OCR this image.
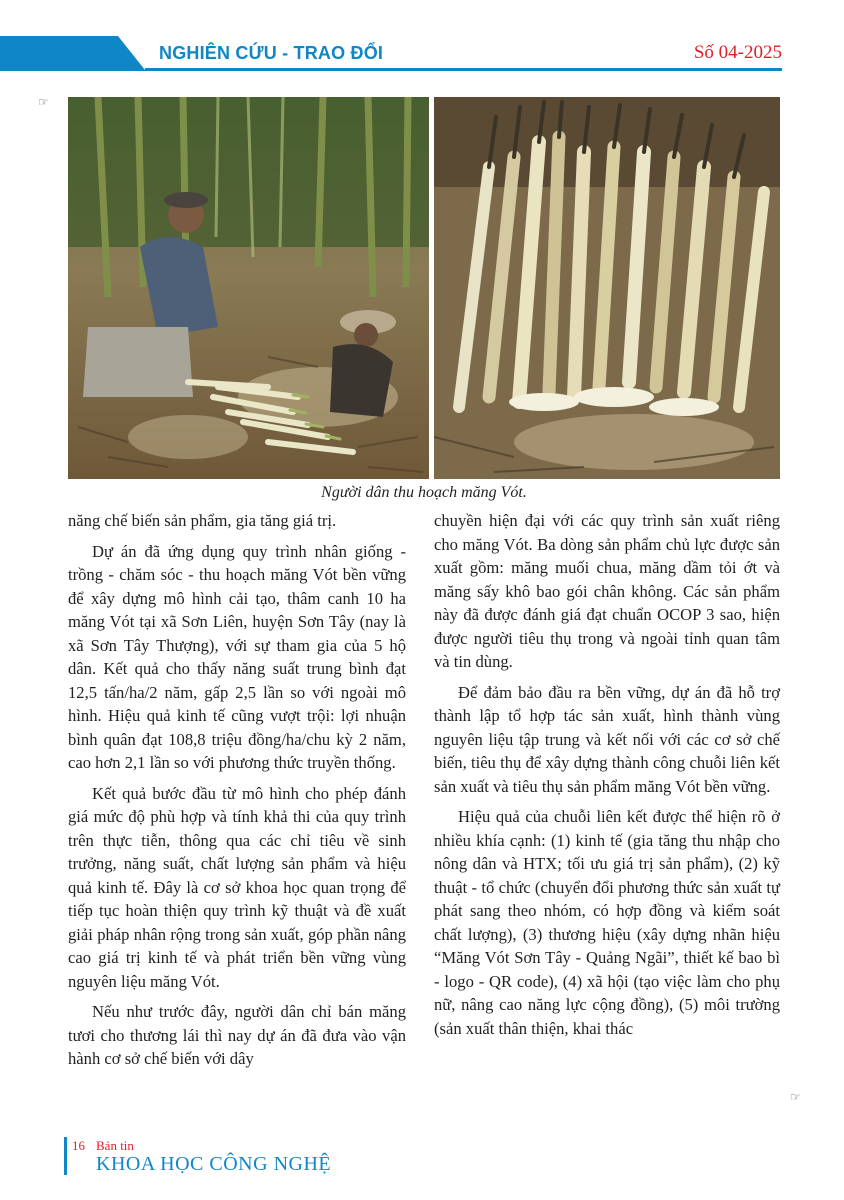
NGHIÊN CỨU - TRAO ĐỔI	Số 04-2025
☞
Người dân thu hoạch măng Vót.

năng chế biến sản phẩm, gia tăng giá trị.

Dự án đã ứng dụng quy trình nhân giống - trồng - chăm sóc - thu hoạch măng Vót bền vững để xây dựng mô hình cải tạo, thâm canh 10 ha măng Vót tại xã Sơn Liên, huyện Sơn Tây (nay là xã Sơn Tây Thượng), với sự tham gia của 5 hộ dân. Kết quả cho thấy năng suất trung bình đạt 12,5 tấn/ha/2 năm, gấp 2,5 lần so với ngoài mô hình. Hiệu quả kinh tế cũng vượt trội: lợi nhuận bình quân đạt 108,8 triệu đồng/ha/chu kỳ 2 năm, cao hơn 2,1 lần so với phương thức truyền thống.

Kết quả bước đầu từ mô hình cho phép đánh giá mức độ phù hợp và tính khả thi của quy trình trên thực tiễn, thông qua các chỉ tiêu về sinh trưởng, năng suất, chất lượng sản phẩm và hiệu quả kinh tế. Đây là cơ sở khoa học quan trọng để tiếp tục hoàn thiện quy trình kỹ thuật và đề xuất giải pháp nhân rộng trong sản xuất, góp phần nâng cao giá trị kinh tế và phát triển bền vững vùng nguyên liệu măng Vót.

Nếu như trước đây, người dân chỉ bán măng tươi cho thương lái thì nay dự án đã đưa vào vận hành cơ sở chế biến với dây

chuyền hiện đại với các quy trình sản xuất riêng cho măng Vót. Ba dòng sản phẩm chủ lực được sản xuất gồm: măng muối chua, măng dầm tỏi ớt và măng sấy khô bao gói chân không. Các sản phẩm này đã được đánh giá đạt chuẩn OCOP 3 sao, hiện được người tiêu thụ trong và ngoài tỉnh quan tâm và tin dùng.

Để đảm bảo đầu ra bền vững, dự án đã hỗ trợ thành lập tổ hợp tác sản xuất, hình thành vùng nguyên liệu tập trung và kết nối với các cơ sở chế biến, tiêu thụ để xây dựng thành công chuỗi liên kết sản xuất và tiêu thụ sản phẩm măng Vót bền vững.

Hiệu quả của chuỗi liên kết được thể hiện rõ ở nhiều khía cạnh: (1) kinh tế (gia tăng thu nhập cho nông dân và HTX; tối ưu giá trị sản phẩm), (2) kỹ thuật - tổ chức (chuyển đổi phương thức sản xuất tự phát sang theo nhóm, có hợp đồng và kiểm soát chất lượng), (3) thương hiệu (xây dựng nhãn hiệu “Măng Vót Sơn Tây - Quảng Ngãi”, thiết kế bao bì - logo - QR code), (4) xã hội (tạo việc làm cho phụ nữ, nâng cao năng lực cộng đồng), (5) môi trường (sản xuất thân thiện, khai thác

☞
16 Bản tin
KHOA HỌC CÔNG NGHỆ
